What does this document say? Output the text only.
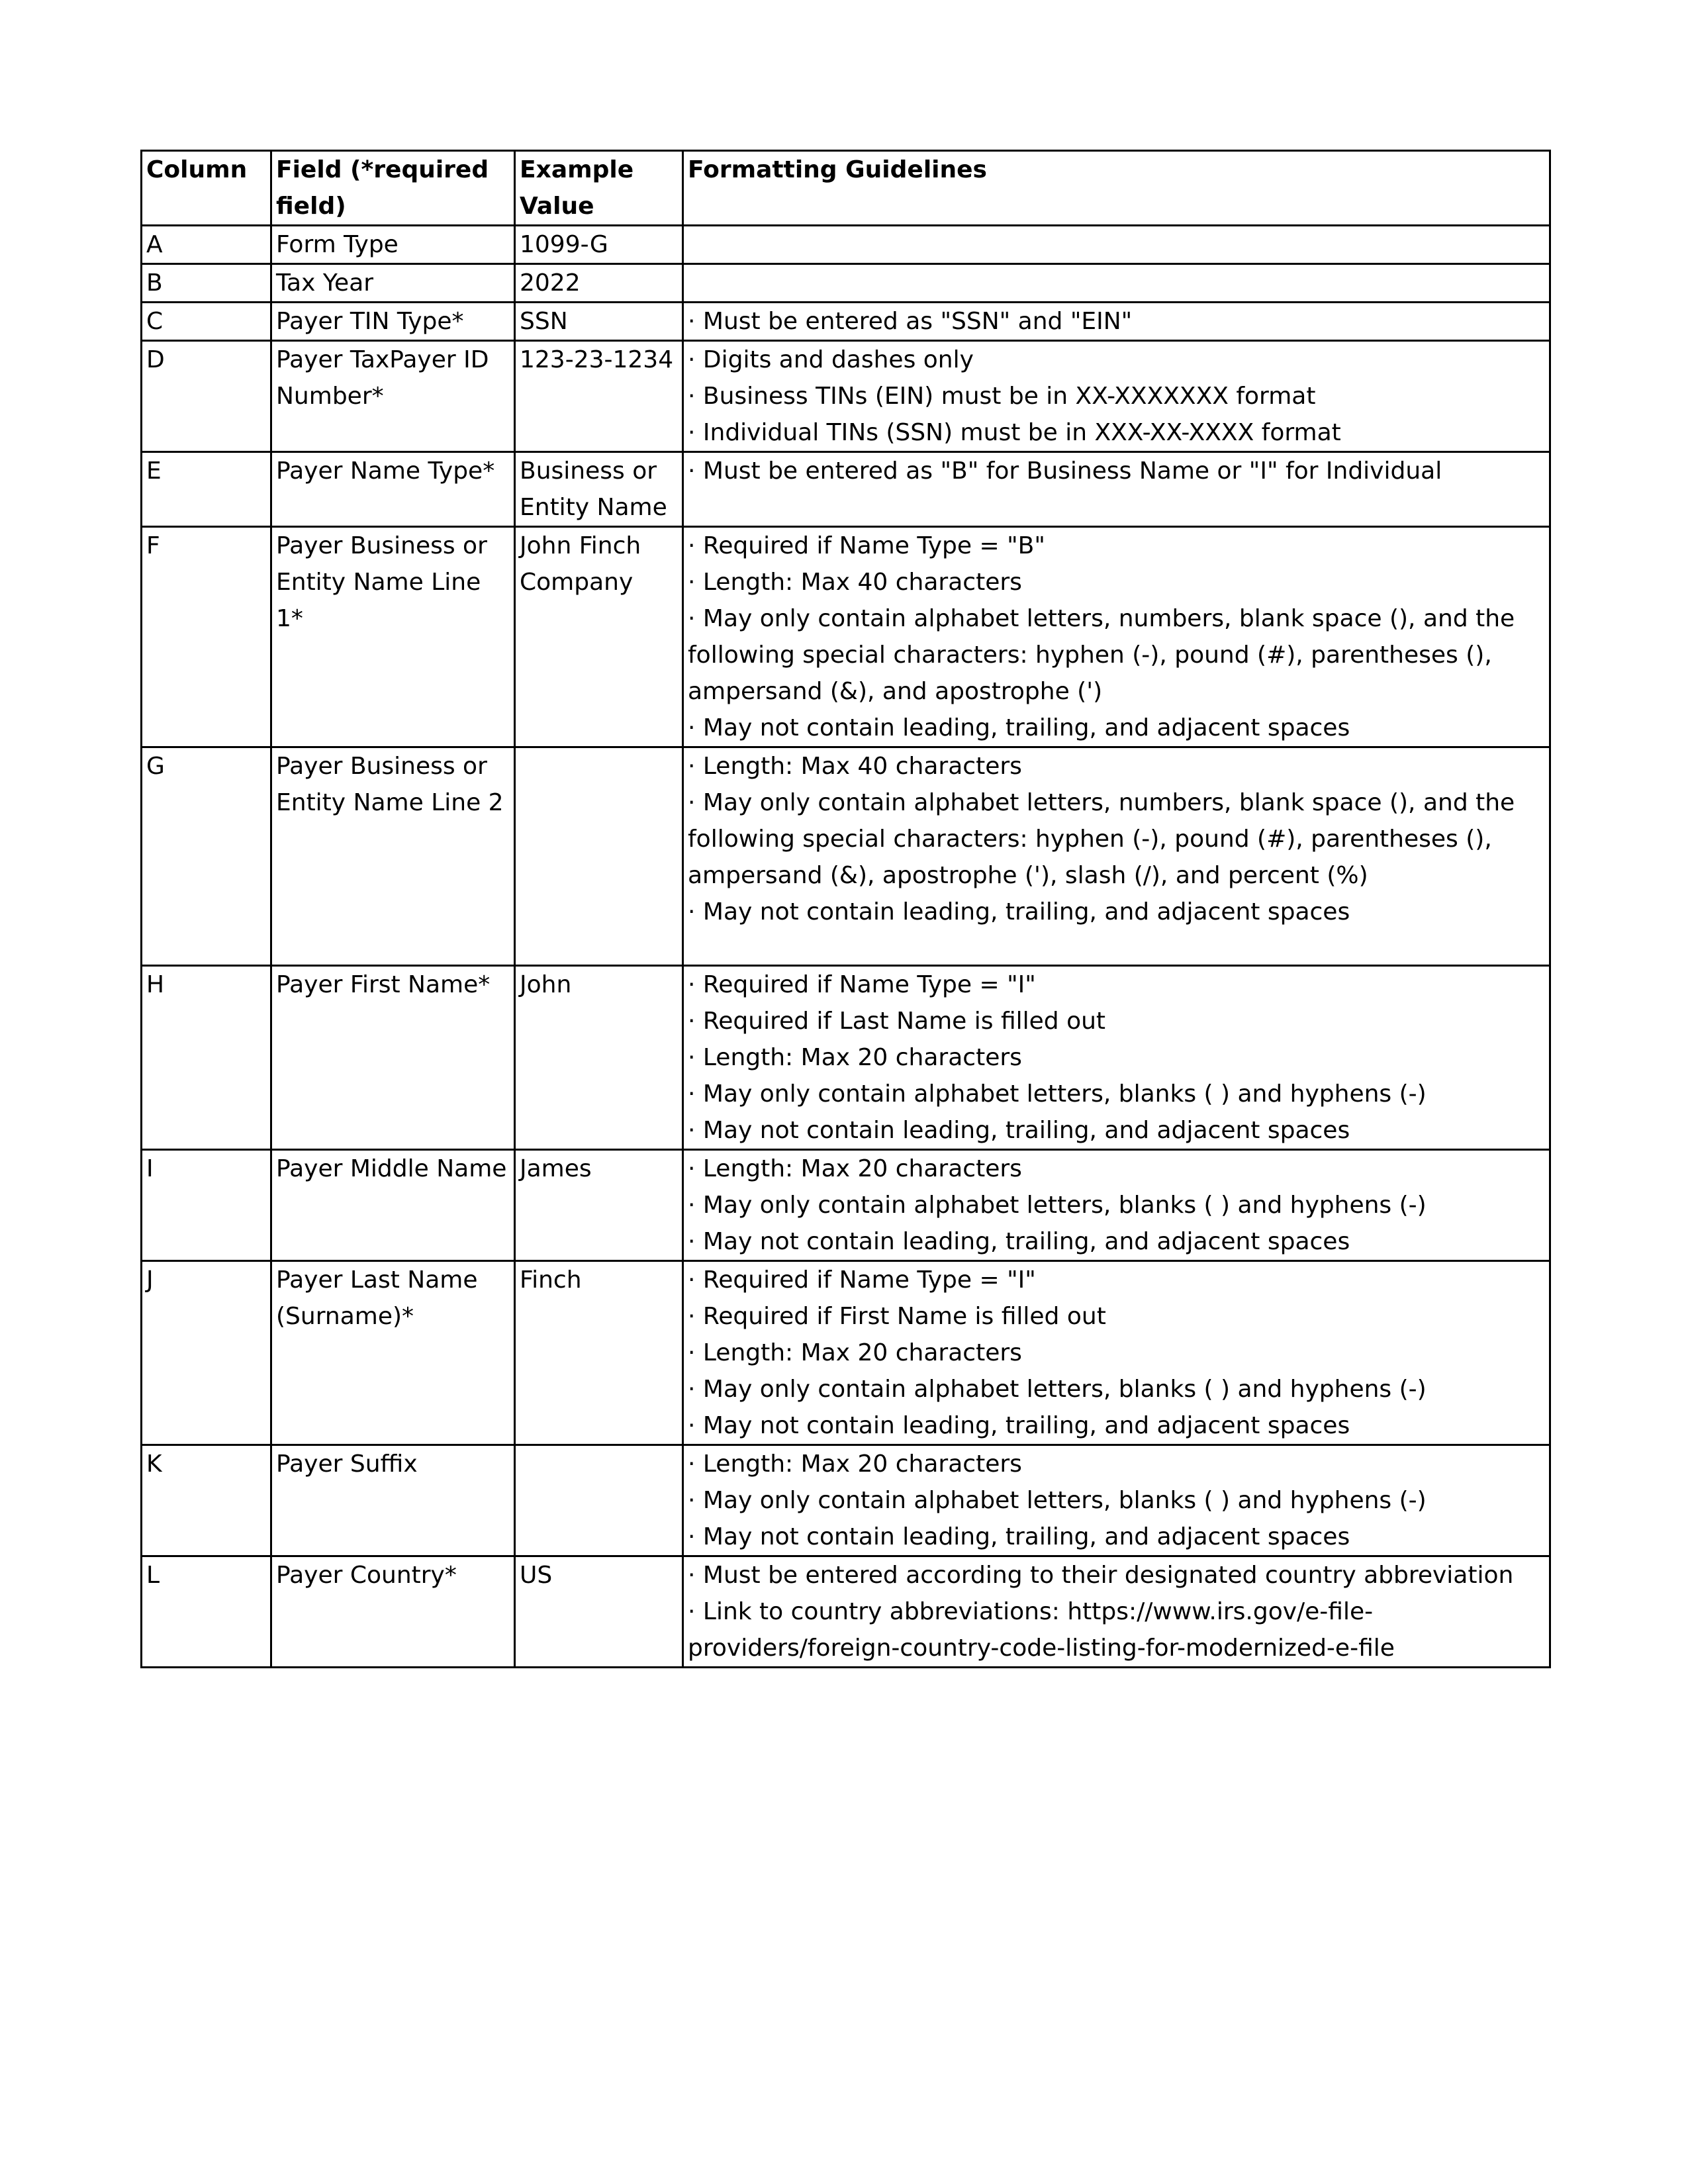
Column	Field (*required field)	Example Value	Formatting Guidelines
A	Form Type	1099-G	
B	Tax Year	2022	
C	Payer TIN Type*	SSN	· Must be entered as "SSN" and "EIN"

D	Payer TaxPayer ID Number*	123-23-1234	· Digits and dashes only
· Business TINs (EIN) must be in XX-XXXXXXX format
· Individual TINs (SSN) must be in XXX-XX-XXXX format

E	Payer Name Type*	Business or Entity Name	· Must be entered as "B" for Business Name or "I" for Individual

F	Payer Business or Entity Name Line 1*	John Finch Company	· Required if Name Type = "B"
· Length: Max 40 characters
· May only contain alphabet letters, numbers, blank space (), and the following special characters: hyphen (-), pound (#), parentheses (), ampersand (&), and apostrophe (')
· May not contain leading, trailing, and adjacent spaces

G	Payer Business or Entity Name Line 2		· Length: Max 40 characters
· May only contain alphabet letters, numbers, blank space (), and the following special characters: hyphen (-), pound (#), parentheses (), ampersand (&), apostrophe ('), slash (/), and percent (%)
· May not contain leading, trailing, and adjacent spaces

H	Payer First Name*	John	· Required if Name Type = "I"
· Required if Last Name is filled out
· Length: Max 20 characters
· May only contain alphabet letters, blanks ( ) and hyphens (-)
· May not contain leading, trailing, and adjacent spaces

I	Payer Middle Name	James	· Length: Max 20 characters
· May only contain alphabet letters, blanks ( ) and hyphens (-)
· May not contain leading, trailing, and adjacent spaces

J	Payer Last Name (Surname)*	Finch	· Required if Name Type = "I"
· Required if First Name is filled out
· Length: Max 20 characters
· May only contain alphabet letters, blanks ( ) and hyphens (-)
· May not contain leading, trailing, and adjacent spaces

K	Payer Suffix		· Length: Max 20 characters
· May only contain alphabet letters, blanks ( ) and hyphens (-)
· May not contain leading, trailing, and adjacent spaces

L	Payer Country*	US	· Must be entered according to their designated country abbreviation
· Link to country abbreviations: https://www.irs.gov/e-file-providers/foreign-country-code-listing-for-modernized-e-file
